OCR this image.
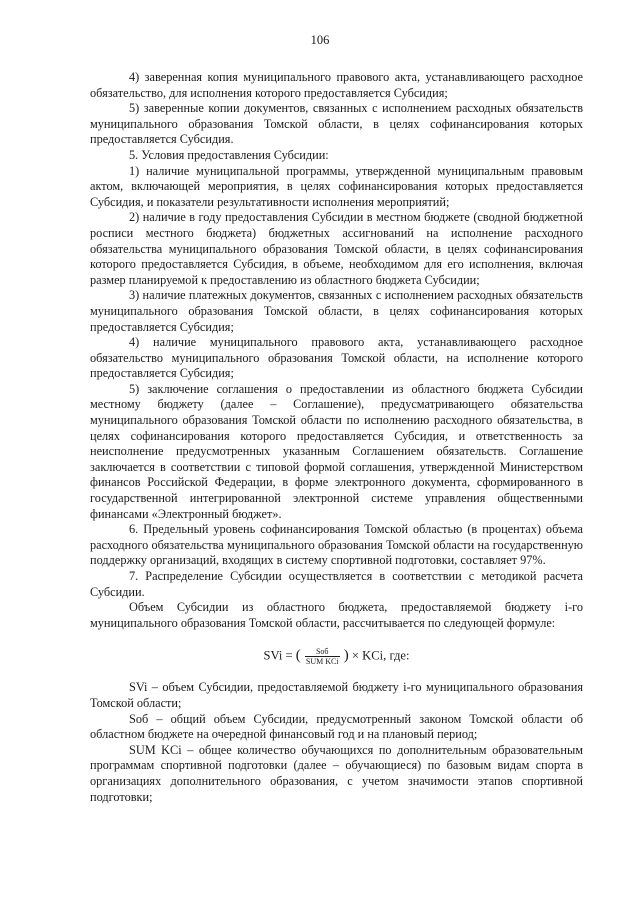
106

4) заверенная копия муниципального правового акта, устанавливающего расходное обязательство, для исполнения которого предоставляется Субсидия;

5) заверенные копии документов, связанных с исполнением расходных обязательств муниципального образования Томской области, в целях софинансирования которых предоставляется Субсидия.

5. Условия предоставления Субсидии:

1) наличие муниципальной программы, утвержденной муниципальным правовым актом, включающей мероприятия, в целях софинансирования которых предоставляется Субсидия, и показатели результативности исполнения мероприятий;

2) наличие в году предоставления Субсидии в местном бюджете (сводной бюджетной росписи местного бюджета) бюджетных ассигнований на исполнение расходного обязательства муниципального образования Томской области, в целях софинансирования которого предоставляется Субсидия, в объеме, необходимом для его исполнения, включая размер планируемой к предоставлению из областного бюджета Субсидии;

3) наличие платежных документов, связанных с исполнением расходных обязательств муниципального образования Томской области, в целях софинансирования которых предоставляется Субсидия;

4) наличие муниципального правового акта, устанавливающего расходное обязательство муниципального образования Томской области, на исполнение которого предоставляется Субсидия;

5) заключение соглашения о предоставлении из областного бюджета Субсидии местному бюджету (далее – Соглашение), предусматривающего обязательства муниципального образования Томской области по исполнению расходного обязательства, в целях софинансирования которого предоставляется Субсидия, и ответственность за неисполнение предусмотренных указанным Соглашением обязательств. Соглашение заключается в соответствии с типовой формой соглашения, утвержденной Министерством финансов Российской Федерации, в форме электронного документа, сформированного в государственной интегрированной электронной системе управления общественными финансами «Электронный бюджет».

6. Предельный уровень софинансирования Томской областью (в процентах) объема расходного обязательства муниципального образования Томской области на государственную поддержку организаций, входящих в систему спортивной подготовки, составляет 97%.

7. Распределение Субсидии осуществляется в соответствии с методикой расчета Субсидии.

Объем Субсидии из областного бюджета, предоставляемой бюджету i-го муниципального образования Томской области, рассчитывается по следующей формуле:

SVi = ( $\frac{\text{Sоб}}{\text{SUM KCi}}$ ) × KCi, где:

SVi – объем Субсидии, предоставляемой бюджету i-го муниципального образования Томской области;

Sоб – общий объем Субсидии, предусмотренный законом Томской области об областном бюджете на очередной финансовый год и на плановый период;

SUM KCi – общее количество обучающихся по дополнительным образовательным программам спортивной подготовки (далее – обучающиеся) по базовым видам спорта в организациях дополнительного образования, с учетом значимости этапов спортивной подготовки;
